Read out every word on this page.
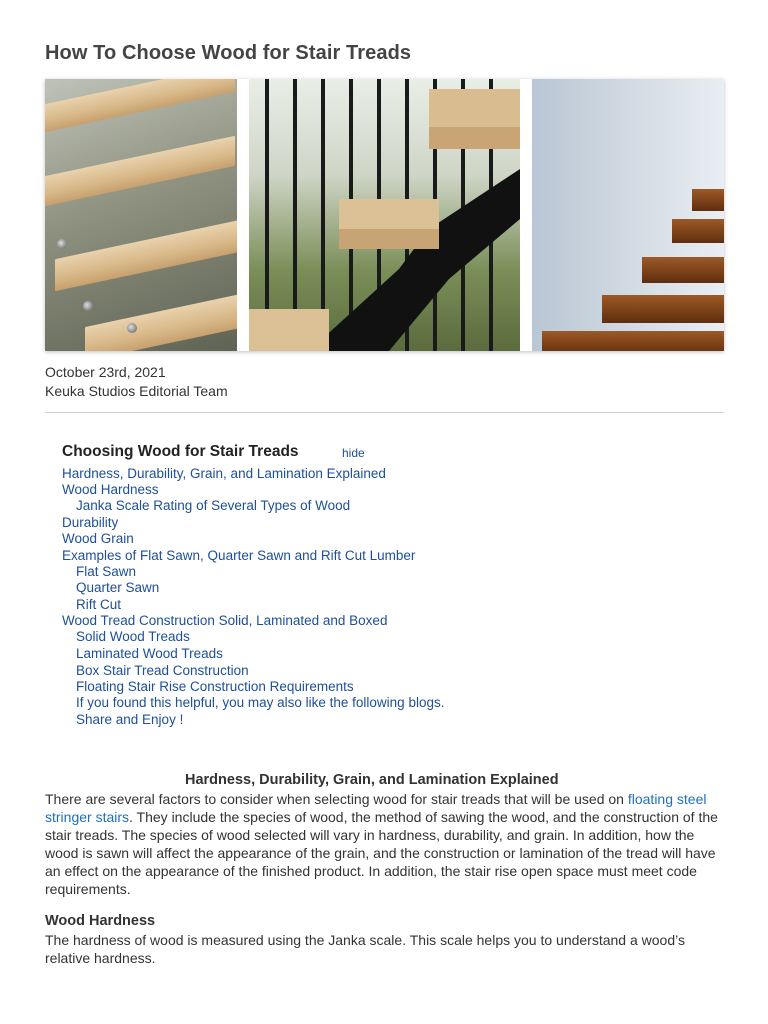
How To Choose Wood for Stair Treads
October 23rd, 2021
Keuka Studios Editorial Team
Choosing Wood for Stair Treads	hide
Hardness, Durability, Grain, and Lamination Explained
Wood Hardness
Janka Scale Rating of Several Types of Wood
Durability
Wood Grain
Examples of Flat Sawn, Quarter Sawn and Rift Cut Lumber
Flat Sawn
Quarter Sawn
Rift Cut
Wood Tread Construction Solid, Laminated and Boxed
Solid Wood Treads
Laminated Wood Treads
Box Stair Tread Construction
Floating Stair Rise Construction Requirements
If you found this helpful, you may also like the following blogs.
Share and Enjoy !
Hardness, Durability, Grain, and Lamination Explained

There are several factors to consider when selecting wood for stair treads that will be used on floating steel stringer stairs. They include the species of wood, the method of sawing the wood, and the construction of the stair treads. The species of wood selected will vary in hardness, durability, and grain. In addition, how the wood is sawn will affect the appearance of the grain, and the construction or lamination of the tread will have an effect on the appearance of the finished product. In addition, the stair rise open space must meet code requirements.

Wood Hardness

The hardness of wood is measured using the Janka scale. This scale helps you to understand a wood’s relative hardness.
